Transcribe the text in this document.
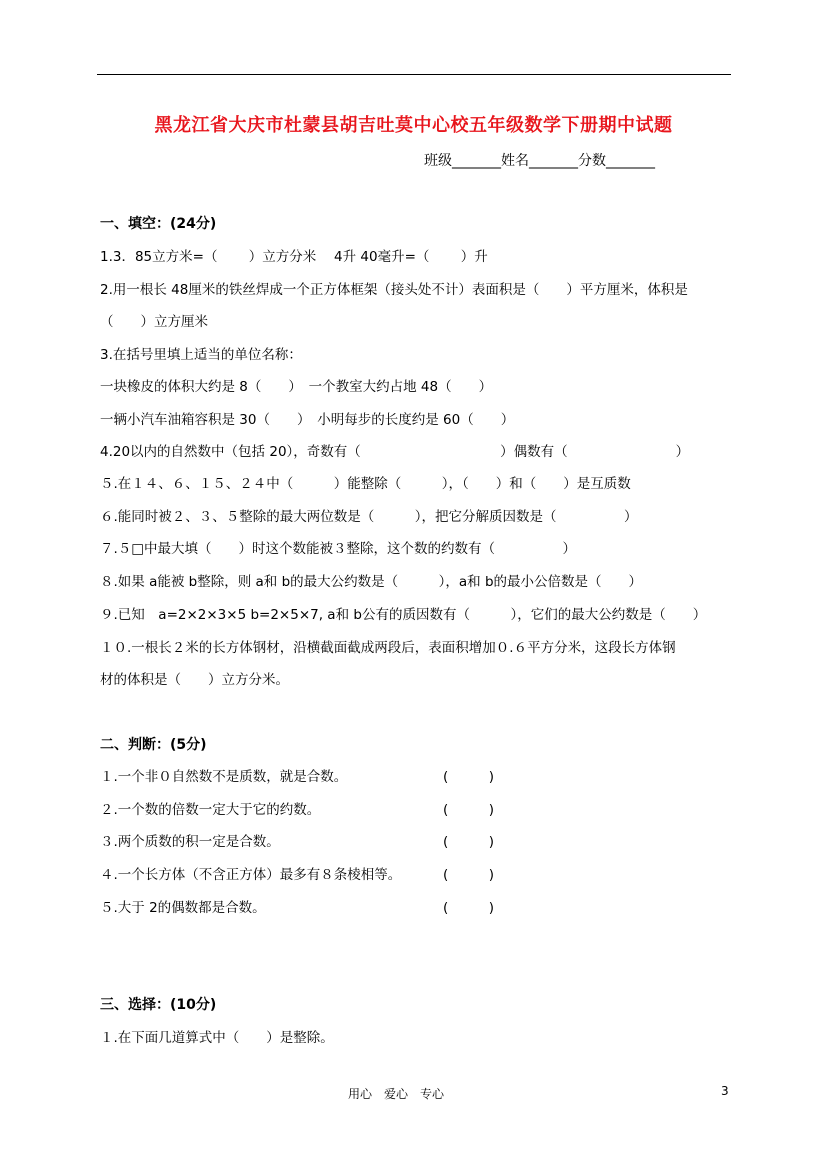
黑龙江省大庆市杜蒙县胡吉吐莫中心校五年级数学下册期中试题
班级_______姓名_______分数_______
一、填空：(24分)
1.3．85立方米=（　　 ）立方分米　 4升 40毫升=（　　 ）升
2.用一根长 48厘米的铁丝焊成一个正方体框架（接头处不计）表面积是（　　）平方厘米，体积是
（　　）立方厘米
3.在括号里填上适当的单位名称：
一块橡皮的体积大约是 8（　　）　一个教室大约占地 48（　　）
一辆小汽车油箱容积是 30（　　）　小明每步的长度约是 60（　　）
4.20以内的自然数中（包括 20），奇数有（　　　　　　　　　　 ）偶数有（　　　　　　　　）
５.在１４、６、１５、２４中（　　　）能整除（　　　），（　　）和（　　）是互质数
６.能同时被２、３、５整除的最大两位数是（　　　），把它分解质因数是（　　　　　）
７.５□中最大填（　　）时这个数能被３整除，这个数的约数有（　　　　　）
８.如果 a能被 b整除，则 a和 b的最大公约数是（　　　），a和 b的最小公倍数是（　　）
９.已知　a=2×2×3×5 b=2×5×7, a和 b公有的质因数有（　　　），它们的最大公约数是（　　）
１０.一根长２米的长方体钢材，沿横截面截成两段后，表面积增加０.６平方分米，这段长方体钢
材的体积是（　　）立方分米。
二、判断：(5分)
１.一个非０自然数不是质数，就是合数。	(　　　)
２.一个数的倍数一定大于它的约数。	(　　　)
３.两个质数的积一定是合数。	(　　　)
４.一个长方体（不含正方体）最多有８条棱相等。	(　　　)
５.大于 2的偶数都是合数。	(　　　)
三、选择：(10分)
１.在下面几道算式中（　　）是整除。
用心　爱心　专心	3
